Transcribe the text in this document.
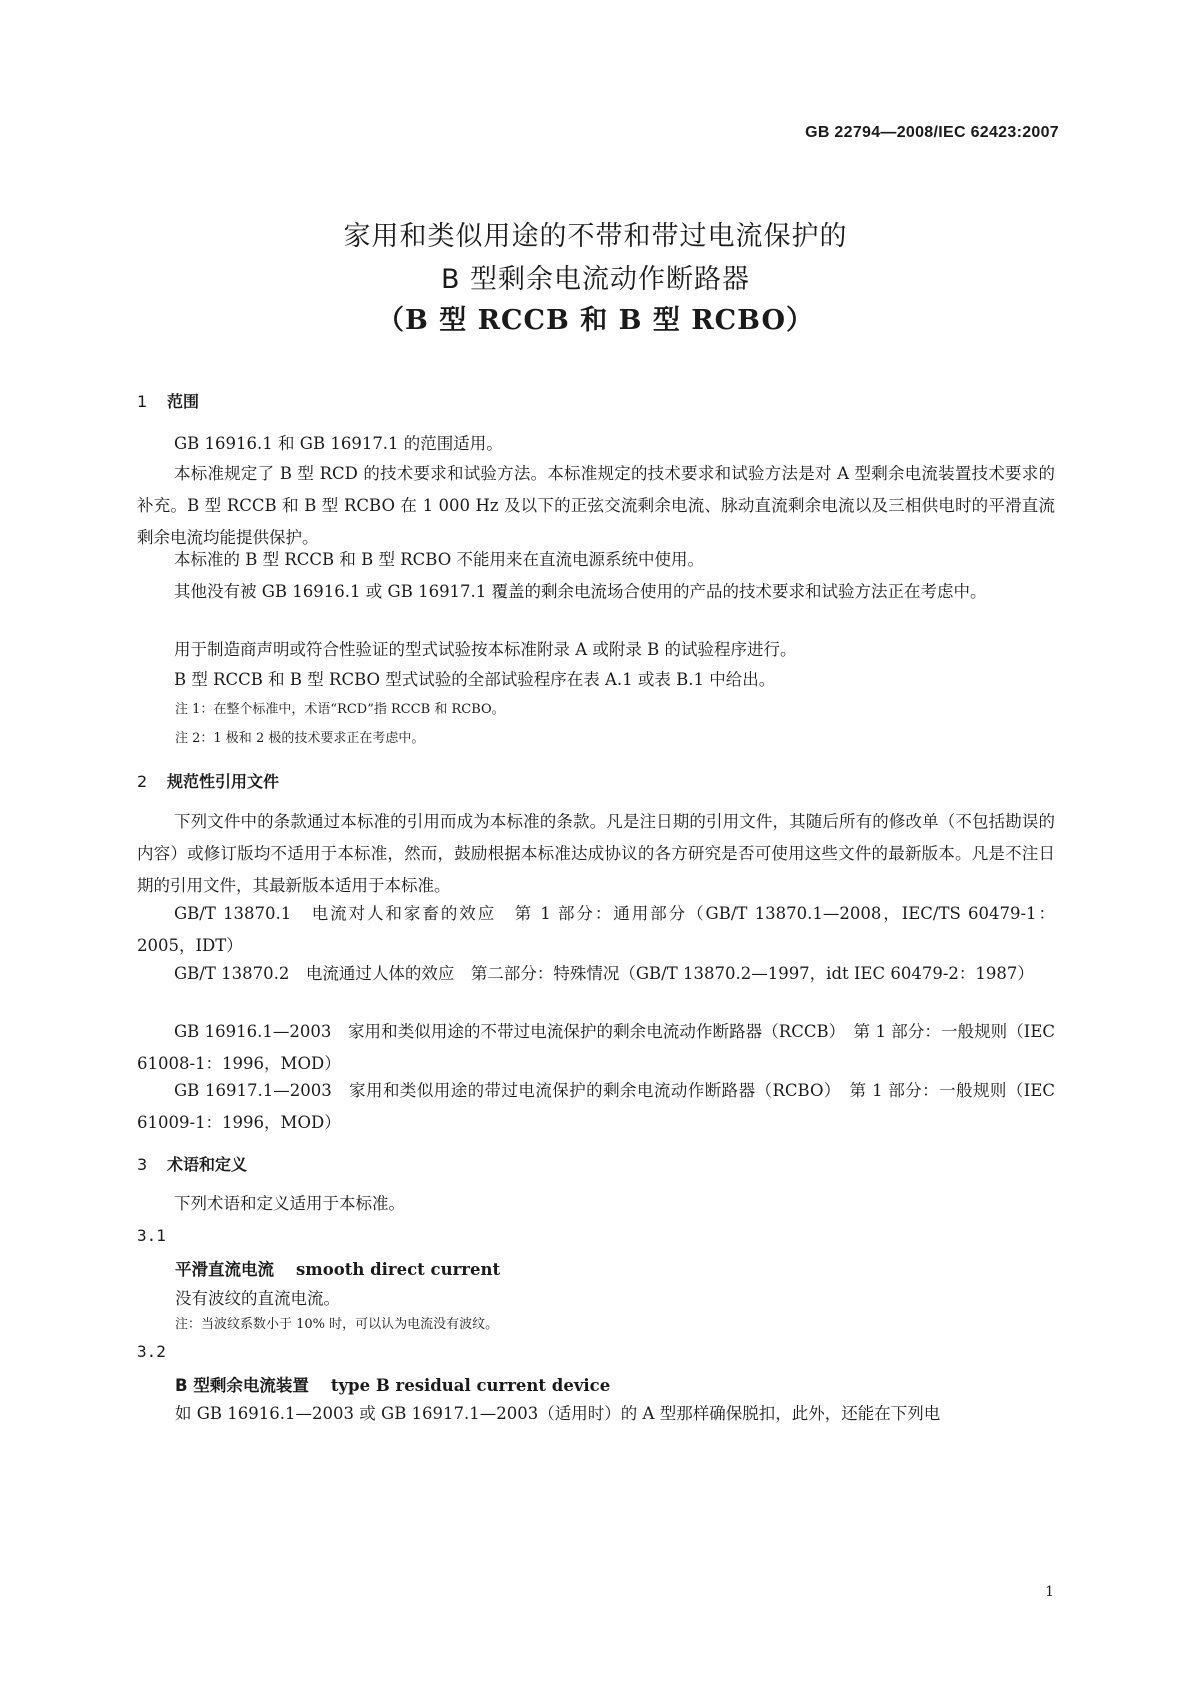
GB 22794—2008/IEC 62423:2007
家用和类似用途的不带和带过电流保护的
B 型剩余电流动作断路器
（B 型 RCCB 和 B 型 RCBO）
1 范围

GB 16916.1 和 GB 16917.1 的范围适用。

本标准规定了 B 型 RCD 的技术要求和试验方法。本标准规定的技术要求和试验方法是对 A 型剩余电流装置技术要求的补充。B 型 RCCB 和 B 型 RCBO 在 1 000 Hz 及以下的正弦交流剩余电流、脉动直流剩余电流以及三相供电时的平滑直流剩余电流均能提供保护。

本标准的 B 型 RCCB 和 B 型 RCBO 不能用来在直流电源系统中使用。

其他没有被 GB 16916.1 或 GB 16917.1 覆盖的剩余电流场合使用的产品的技术要求和试验方法正在考虑中。

用于制造商声明或符合性验证的型式试验按本标准附录 A 或附录 B 的试验程序进行。

B 型 RCCB 和 B 型 RCBO 型式试验的全部试验程序在表 A.1 或表 B.1 中给出。

注 1：在整个标准中，术语“RCD”指 RCCB 和 RCBO。
注 2：1 极和 2 极的技术要求正在考虑中。
2 规范性引用文件

下列文件中的条款通过本标准的引用而成为本标准的条款。凡是注日期的引用文件，其随后所有的修改单（不包括勘误的内容）或修订版均不适用于本标准，然而，鼓励根据本标准达成协议的各方研究是否可使用这些文件的最新版本。凡是不注日期的引用文件，其最新版本适用于本标准。

GB/T 13870.1　电流对人和家畜的效应　第 1 部分：通用部分（GB/T 13870.1—2008，IEC/TS 60479-1：2005，IDT）

GB/T 13870.2　电流通过人体的效应　第二部分：特殊情况（GB/T 13870.2—1997，idt IEC 60479-2：1987）

GB 16916.1—2003　家用和类似用途的不带过电流保护的剩余电流动作断路器（RCCB）　第 1 部分：一般规则（IEC 61008-1：1996，MOD）

GB 16917.1—2003　家用和类似用途的带过电流保护的剩余电流动作断路器（RCBO）　第 1 部分：一般规则（IEC 61009-1：1996，MOD）

3 术语和定义

下列术语和定义适用于本标准。

3.1
平滑直流电流 smooth direct current
没有波纹的直流电流。
注：当波纹系数小于 10% 时，可以认为电流没有波纹。
3.2
B 型剩余电流装置 type B residual current device
如 GB 16916.1—2003 或 GB 16917.1—2003（适用时）的 A 型那样确保脱扣，此外，还能在下列电
1
